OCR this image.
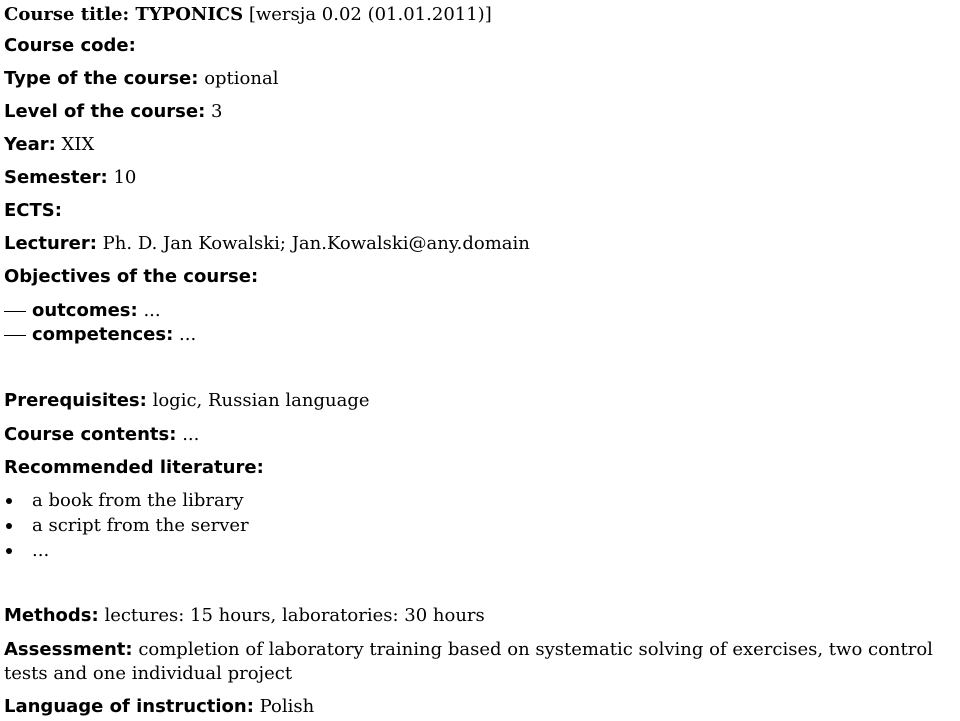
Course title: TYPONICS [wersja 0.02 (01.01.2011)]
Course code:
Type of the course: optional
Level of the course: 3
Year: XIX
Semester: 10
ECTS:
Lecturer: Ph. D. Jan Kowalski; Jan.Kowalski@any.domain
Objectives of the course:
outcomes: ...
competences: ...
Prerequisites: logic, Russian language
Course contents: ...
Recommended literature:
a book from the library
a script from the server
...
Methods: lectures: 15 hours, laboratories: 30 hours
Assessment: completion of laboratory training based on systematic solving of exercises, two control tests and one individual project
Language of instruction: Polish
